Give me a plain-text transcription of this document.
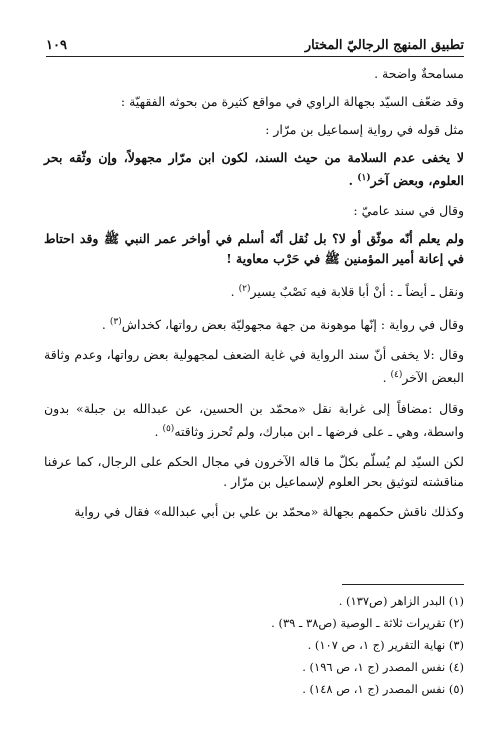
تطبيق المنهج الرجاليّ المختار
١٠٩

مسامحةٌ واضحة .

وقد ضعّف السيّد بجهالة الراوي في مواقع كثيرة من بحوثه الفقهيّة :

مثل قوله في رواية إسماعيل بن مرّار :

لا يخفى عدم السلامة من حيث السند، لكون ابن مرّار مجهولاً، وإن وثّقه بحر العلوم، وبعض آخر$^{(١)}$ .

وقال في سند عاميّ :

ولم يعلم أنّه موثّق أو لا؟ بل نُقل أنّه أسلم في أواخر عمر النبي ﷺ وقد احتاط في إعانة أمير المؤمنين ﷺ في حَرْب معاوية !

ونقل ـ أيضاً ـ : أنْ أبا قلابة فيه نَصْبٌ يسير$^{(٢)}$ .

وقال في رواية : إنّها موهونة من جهة مجهوليّة بعض رواتها، كخداش$^{(٣)}$ .

وقال :لا يخفى أنّ سند الرواية في غاية الضعف لمجهولية بعض رواتها، وعدم وثاقة البعض الآخر$^{(٤)}$ .

وقال :مضافاً إلى غرابة نقل «محمّد بن الحسين، عن عبدالله بن جبلة» بدون واسطة، وهي ـ على فرضها ـ ابن مبارك، ولم تُحرز وثاقته$^{(٥)}$ .

لكن السيّد لم يُسلّم بكلّ ما قاله الآخرون في مجال الحكم على الرجال، كما عرفنا مناقشته لتوثيق بحر العلوم لإسماعيل بن مرّار .

وكذلك ناقش حكمهم بجهالة «محمّد بن علي بن أبي عبدالله» فقال في رواية

(١) البدر الزاهر (ص١٣٧) .

(٢) تقريرات ثلاثة ـ الوصية (ص٣٨ ـ ٣٩) .

(٣) نهاية التقرير (ج ١، ص ١٠٧) .

(٤) نفس المصدر (ج ١، ص ١٩٦) .

(٥) نفس المصدر (ج ١، ص ١٤٨) .
